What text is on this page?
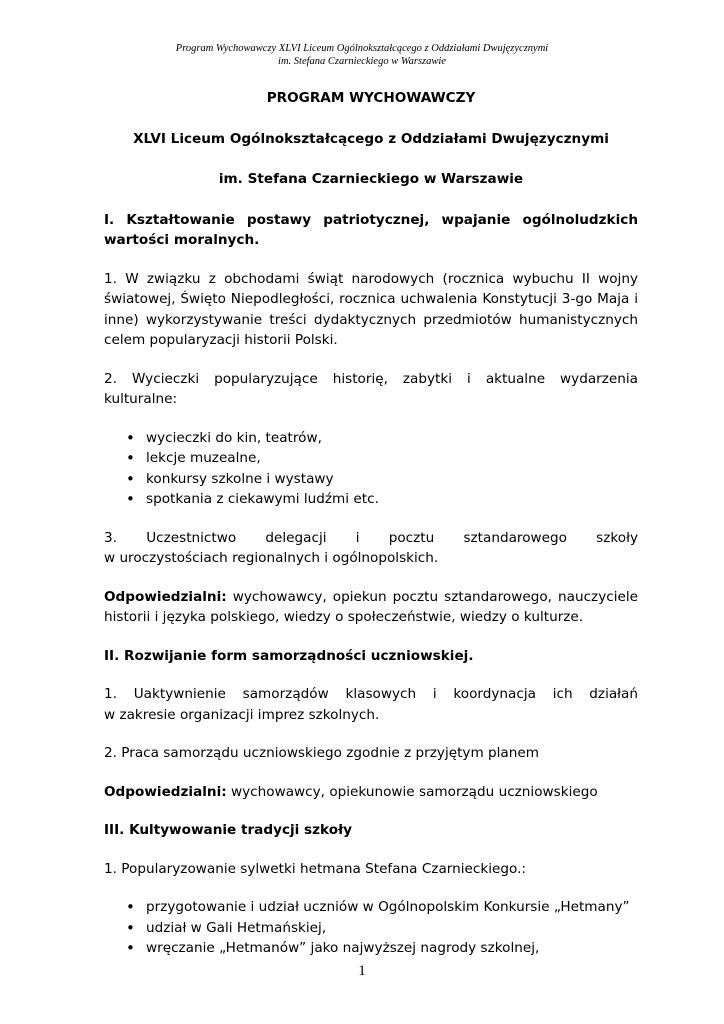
Program Wychowawczy XLVI Liceum Ogólnokształcącego z Oddziałami Dwujęzycznymi
im. Stefana Czarnieckiego w Warszawie

PROGRAM WYCHOWAWCZY

XLVI Liceum Ogólnokształcącego z Oddziałami Dwujęzycznymi

im. Stefana Czarnieckiego w Warszawie

I. Kształtowanie postawy patriotycznej, wpajanie ogólnoludzkich wartości moralnych.

1. W związku z obchodami świąt narodowych (rocznica wybuchu II wojny światowej, Święto Niepodległości, rocznica uchwalenia Konstytucji 3-go Maja i inne) wykorzystywanie treści dydaktycznych przedmiotów humanistycznych celem popularyzacji historii Polski.

2. Wycieczki popularyzujące historię, zabytki i aktualne wydarzenia kulturalne:

• wycieczki do kin, teatrów,
• lekcje muzealne,
• konkursy szkolne i wystawy
• spotkania z ciekawymi ludźmi etc.

3. Uczestnictwo delegacji i pocztu sztandarowego szkoły

w uroczystościach regionalnych i ogólnopolskich.

Odpowiedzialni: wychowawcy, opiekun pocztu sztandarowego, nauczyciele historii i języka polskiego, wiedzy o społeczeństwie, wiedzy o kulturze.

II. Rozwijanie form samorządności uczniowskiej.

1. Uaktywnienie samorządów klasowych i koordynacja ich działań

w zakresie organizacji imprez szkolnych.

2. Praca samorządu uczniowskiego zgodnie z przyjętym planem

Odpowiedzialni: wychowawcy, opiekunowie samorządu uczniowskiego

III. Kultywowanie tradycji szkoły

1. Popularyzowanie sylwetki hetmana Stefana Czarnieckiego.:

• przygotowanie i udział uczniów w Ogólnopolskim Konkursie „Hetmany”
• udział w Gali Hetmańskiej,
• wręczanie „Hetmanów” jako najwyższej nagrody szkolnej,
1
